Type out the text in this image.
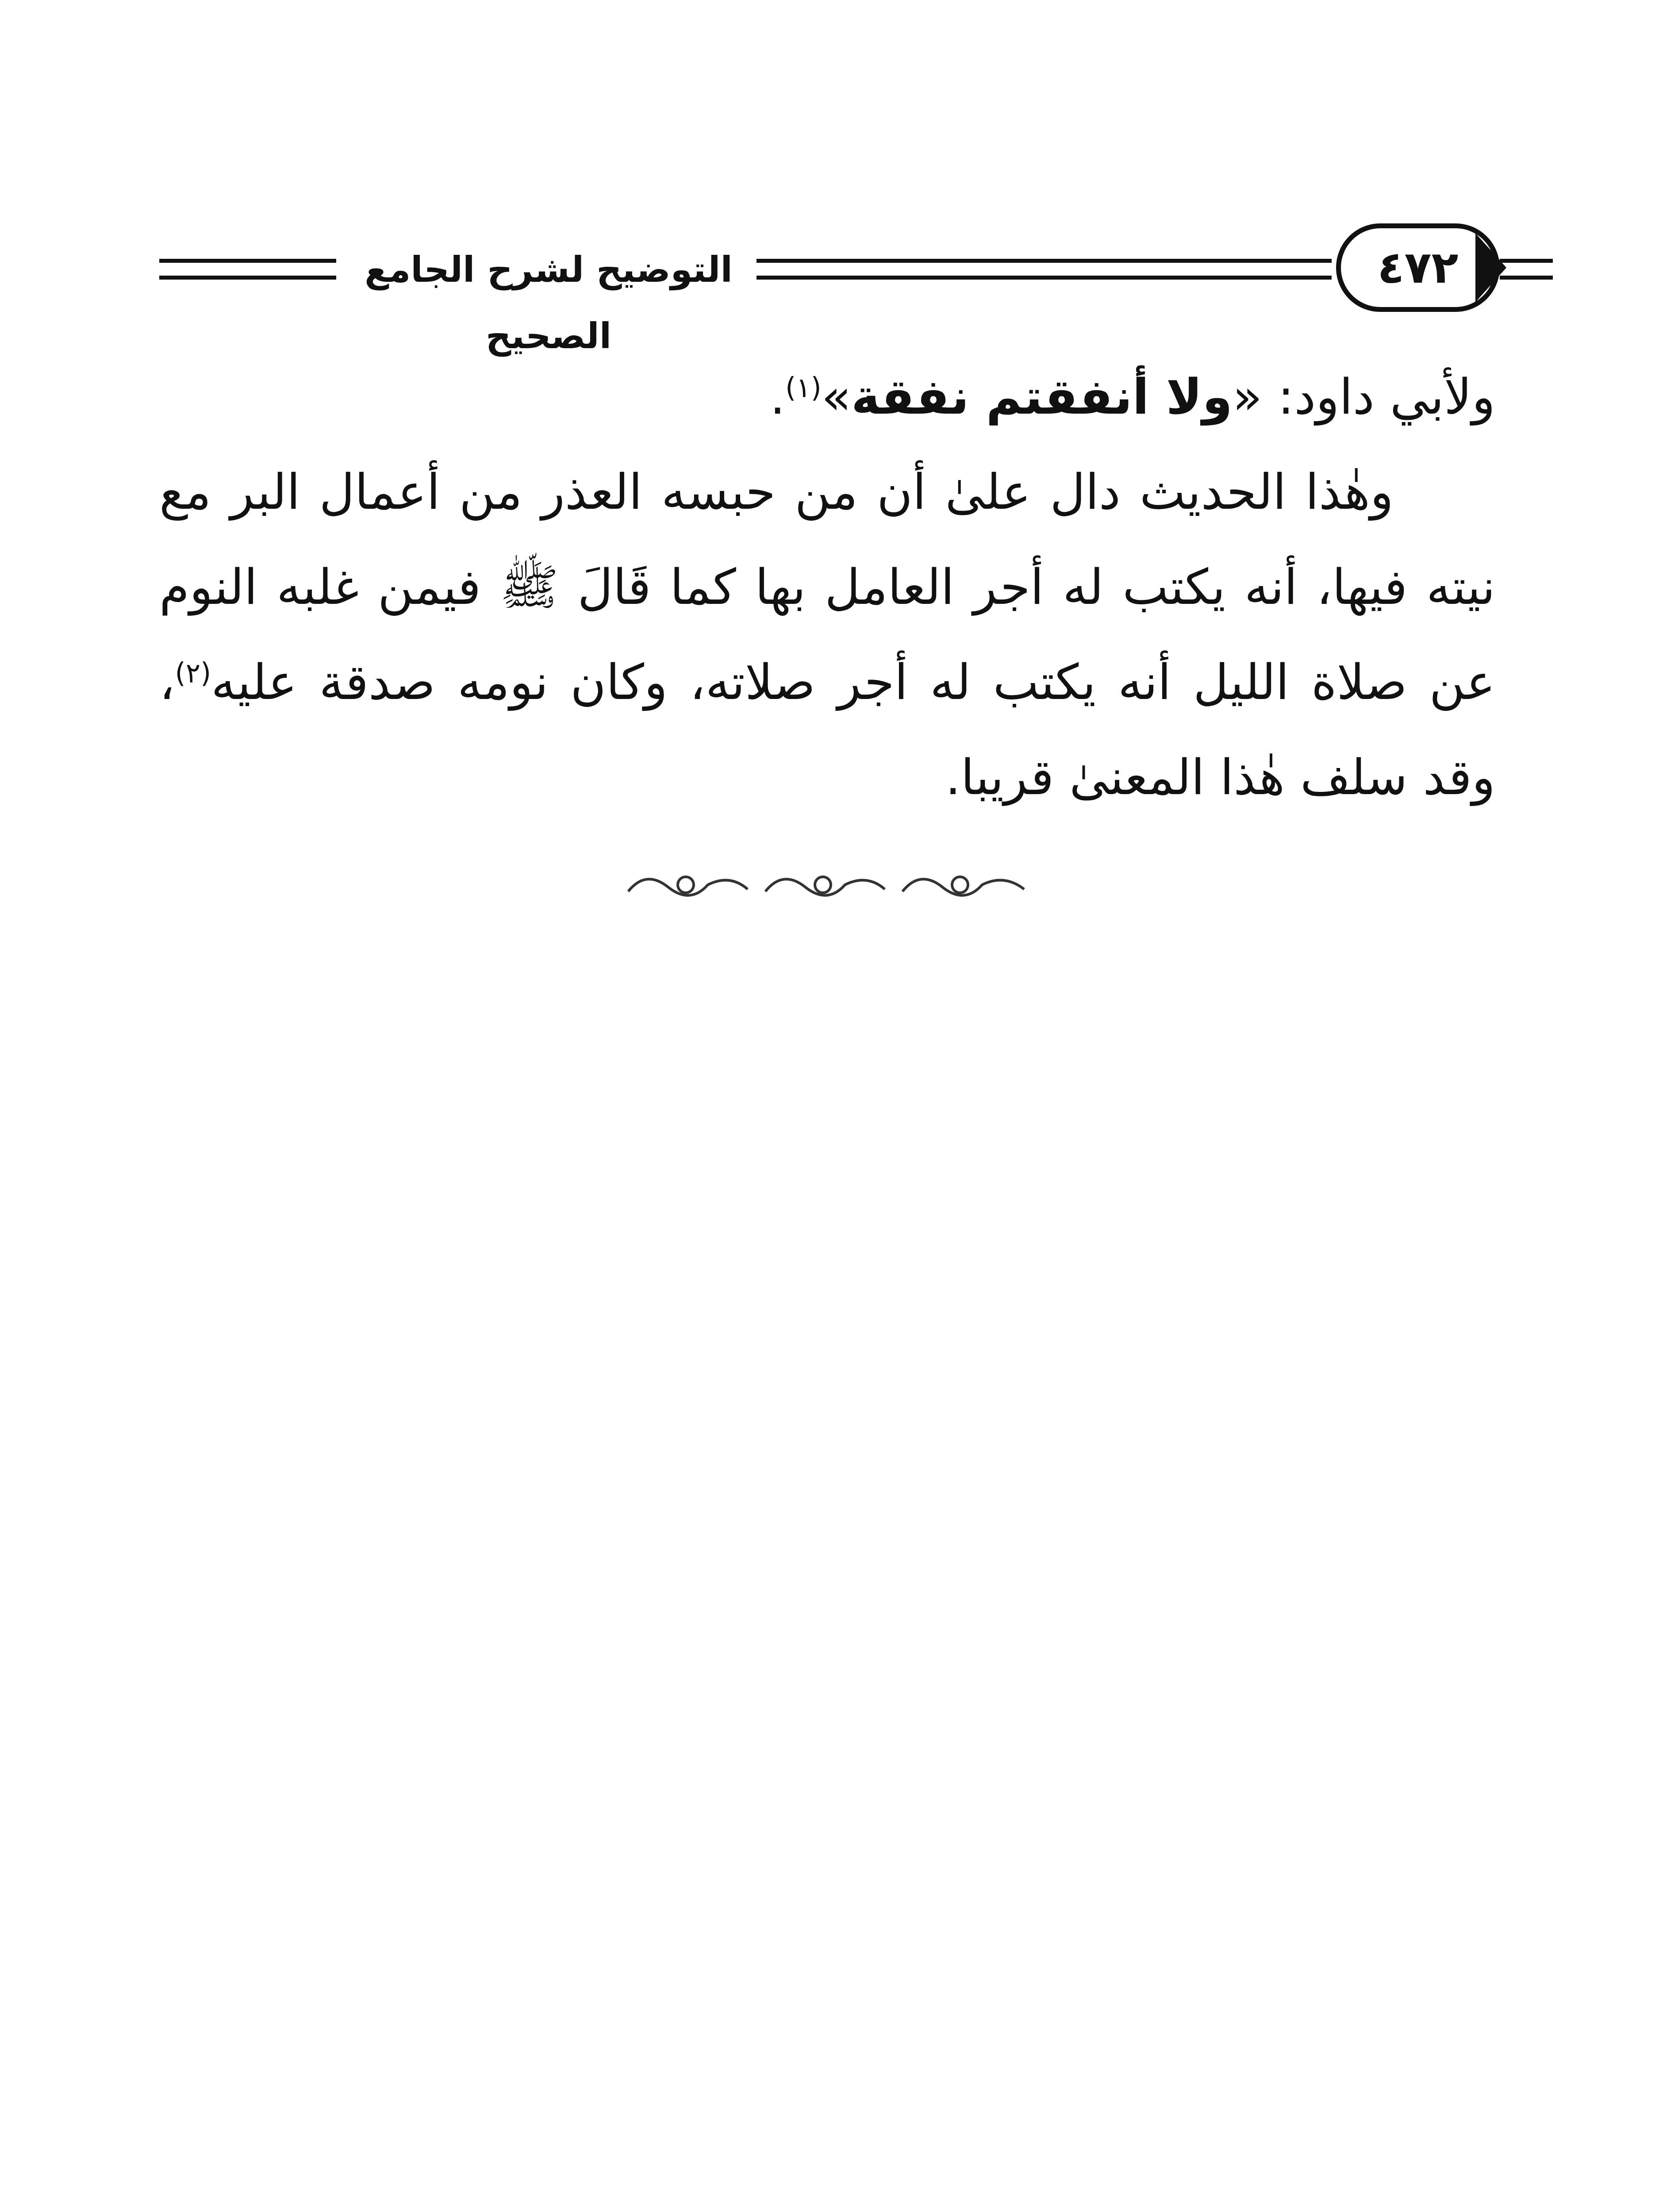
التوضيح لشرح الجامع الصحيح
٤٧٢

ولأبي داود: «ولا أنفقتم نفقة»$^{(١)}$.

وهٰذا الحديث دال علىٰ أن من حبسه العذر من أعمال البر مع نيته فيها، أنه يكتب له أجر العامل بها كما قَالَ ﷺ فيمن غلبه النوم عن صلاة الليل أنه يكتب له أجر صلاته، وكان نومه صدقة عليه$^{(٢)}$، وقد سلف هٰذا المعنىٰ قريبا.
